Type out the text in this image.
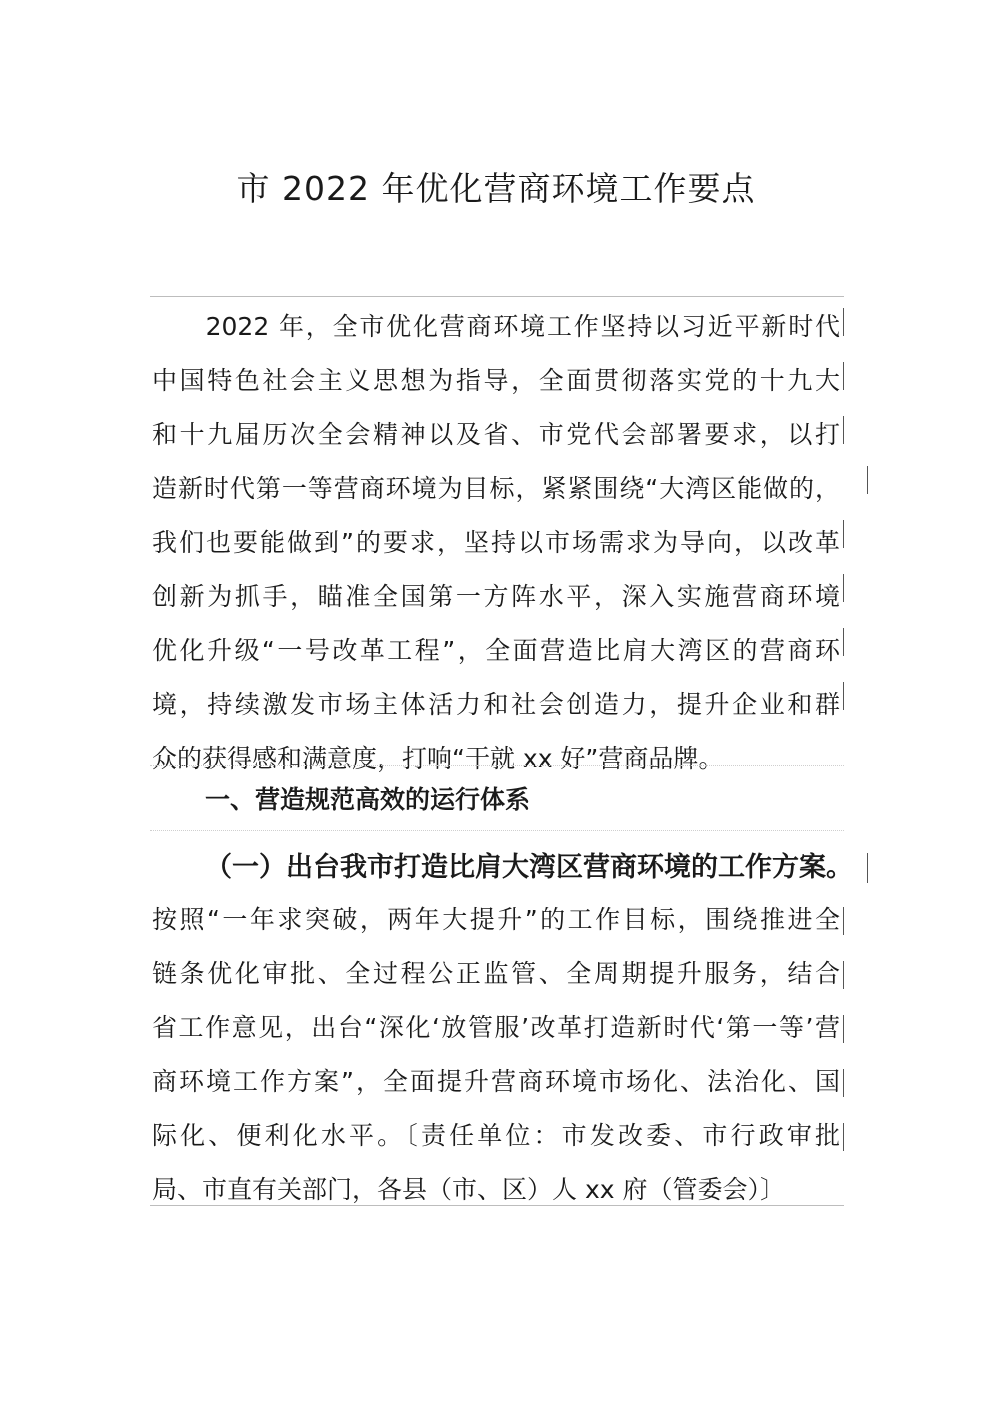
市 2022 年优化营商环境工作要点
　　2022 年，全市优化营商环境工作坚持以习近平新时代
中国特色社会主义思想为指导，全面贯彻落实党的十九大
和十九届历次全会精神以及省、市党代会部署要求，以打
造新时代第一等营商环境为目标，紧紧围绕“大湾区能做的，
我们也要能做到”的要求，坚持以市场需求为导向，以改革
创新为抓手，瞄准全国第一方阵水平，深入实施营商环境
优化升级“一号改革工程”，全面营造比肩大湾区的营商环
境，持续激发市场主体活力和社会创造力，提升企业和群
众的获得感和满意度，打响“干就 xx 好”营商品牌。
一、营造规范高效的运行体系
（一）出台我市打造比肩大湾区营商环境的工作方案。
按照“一年求突破，两年大提升”的工作目标，围绕推进全
链条优化审批、全过程公正监管、全周期提升服务，结合
省工作意见，出台“深化‘放管服’改革打造新时代‘第一等’营
商环境工作方案”，全面提升营商环境市场化、法治化、国
际化、便利化水平。〔责任单位：市发改委、市行政审批
局、市直有关部门，各县（市、区）人 xx 府（管委会）〕
